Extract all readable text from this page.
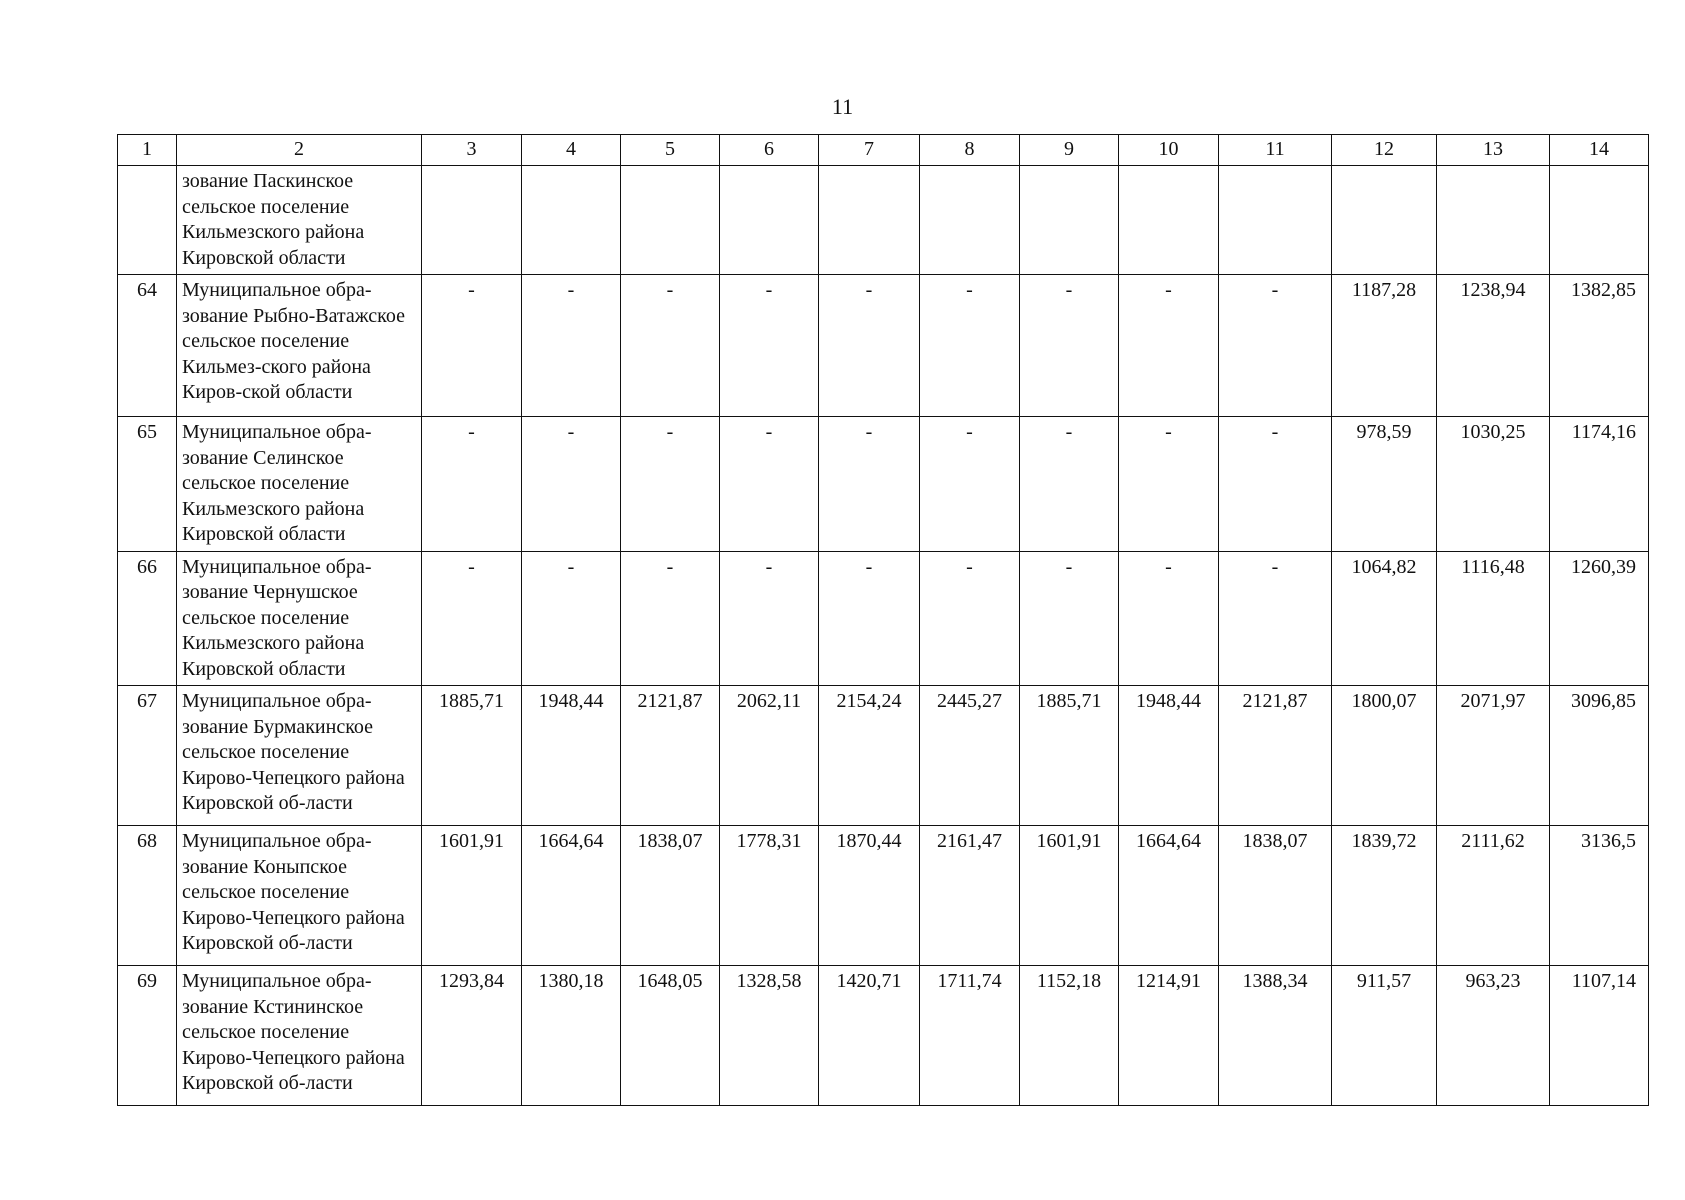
11
1	2	3	4	5	6	7	8	9	10	11	12	13	14
	зование Паскинское сельское поселение Кильмезского района Кировской области												
64	Муниципальное обра-зование Рыбно-Ватажское сельское поселение Кильмез-ского района Киров-ской области	-	-	-	-	-	-	-	-	-	1187,28	1238,94	1382,85
65	Муниципальное обра-зование Селинское сельское поселение Кильмезского района Кировской области	-	-	-	-	-	-	-	-	-	978,59	1030,25	1174,16
66	Муниципальное обра-зование Чернушское сельское поселение Кильмезского района Кировской области	-	-	-	-	-	-	-	-	-	1064,82	1116,48	1260,39
67	Муниципальное обра-зование Бурмакинское сельское поселение Кирово-Чепецкого района Кировской об-ласти	1885,71	1948,44	2121,87	2062,11	2154,24	2445,27	1885,71	1948,44	2121,87	1800,07	2071,97	3096,85
68	Муниципальное обра-зование Коныпское сельское поселение Кирово-Чепецкого района Кировской об-ласти	1601,91	1664,64	1838,07	1778,31	1870,44	2161,47	1601,91	1664,64	1838,07	1839,72	2111,62	3136,5
69	Муниципальное обра-зование Кстининское сельское поселение Кирово-Чепецкого района Кировской об-ласти	1293,84	1380,18	1648,05	1328,58	1420,71	1711,74	1152,18	1214,91	1388,34	911,57	963,23	1107,14
